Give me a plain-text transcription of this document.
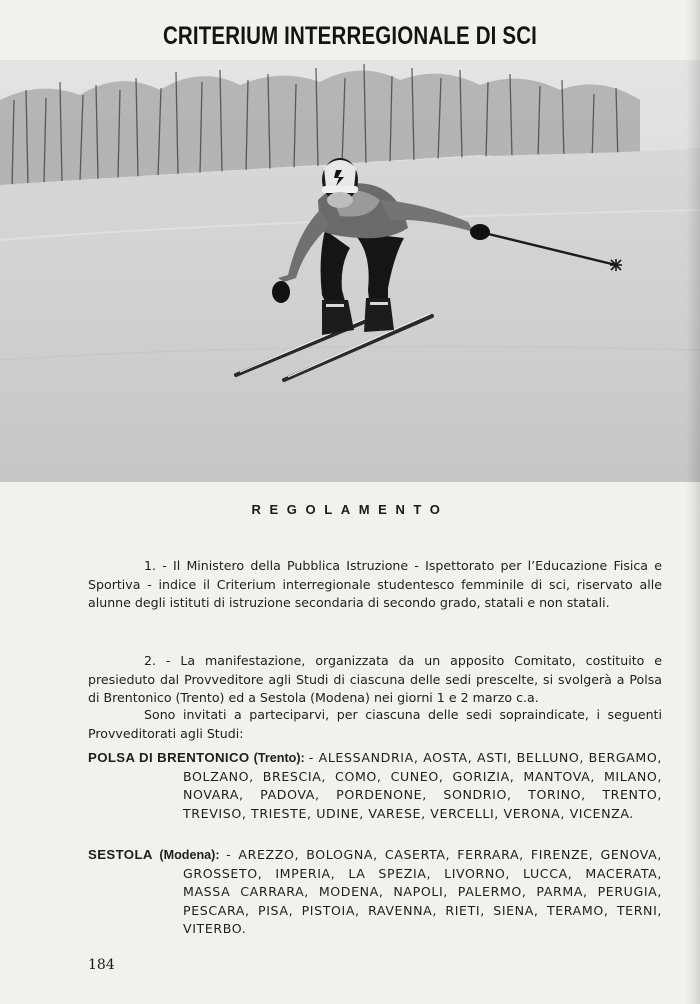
CRITERIUM INTERREGIONALE DI SCI
REGOLAMENTO

1. - Il Ministero della Pubblica Istruzione - Ispettorato per l’Educazione Fisica e Sportiva - indice il Criterium interregionale studentesco femminile di sci, riservato alle alunne degli istituti di istruzione secondaria di secondo grado, statali e non statali.

2. - La manifestazione, organizzata da un apposito Comitato, costituito e presieduto dal Provveditore agli Studi di ciascuna delle sedi prescelte, si svolgerà a Polsa di Brentonico (Trento) ed a Sestola (Modena) nei giorni 1 e 2 marzo c.a.

Sono invitati a parteciparvi, per ciascuna delle sedi sopraindicate, i seguenti Provveditorati agli Studi:

POLSA DI BRENTONICO (Trento): - ALESSANDRIA, AOSTA, ASTI, BELLUNO, BERGAMO, BOLZANO, BRESCIA, COMO, CUNEO, GORIZIA, MANTOVA, MILANO, NOVARA, PADOVA, PORDENONE, SONDRIO, TORINO, TRENTO, TREVISO, TRIESTE, UDINE, VARESE, VERCELLI, VERONA, VICENZA.
SESTOLA (Modena): - AREZZO, BOLOGNA, CASERTA, FERRARA, FIRENZE, GENOVA, GROSSETO, IMPERIA, LA SPEZIA, LIVORNO, LUCCA, MACERATA, MASSA CARRARA, MODENA, NAPOLI, PALERMO, PARMA, PERUGIA, PESCARA, PISA, PISTOIA, RAVENNA, RIETI, SIENA, TERAMO, TERNI, VITERBO.
184
